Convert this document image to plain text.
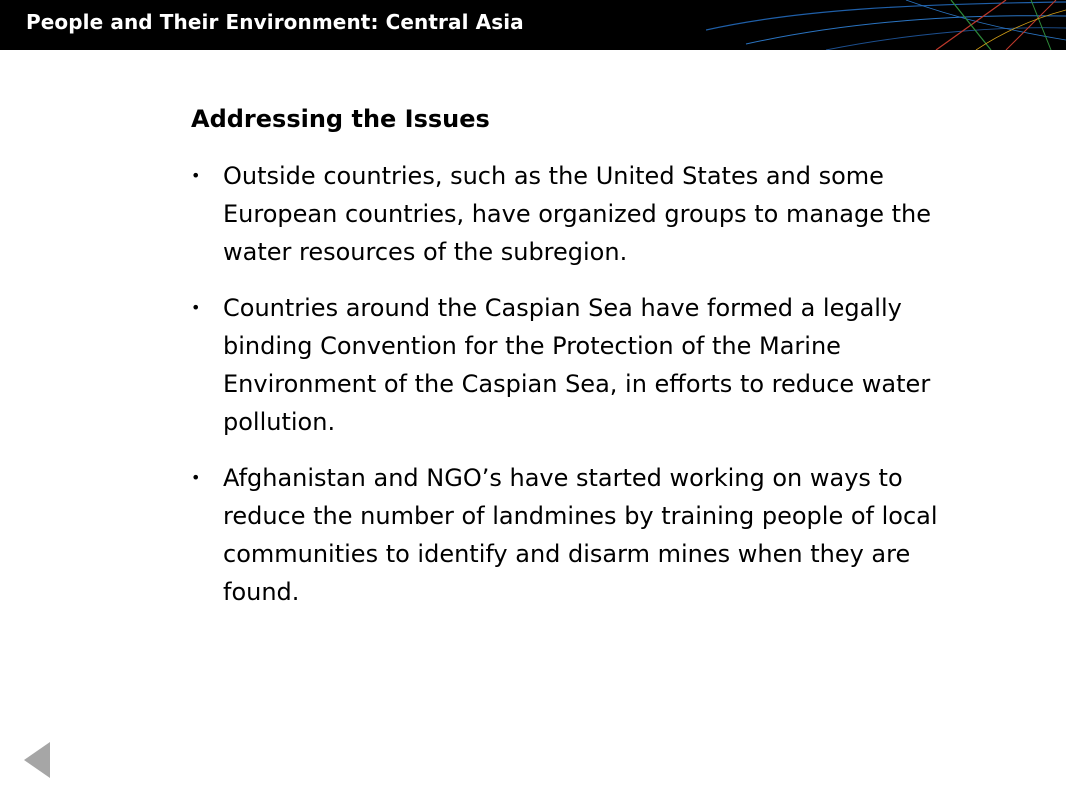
People and Their Environment: Central Asia
Addressing the Issues
• Outside countries, such as the United States and some European countries, have organized groups to manage the water resources of the subregion.
• Countries around the Caspian Sea have formed a legally binding Convention for the Protection of the Marine Environment of the Caspian Sea, in efforts to reduce water pollution.
• Afghanistan and NGO’s have started working on ways to reduce the number of landmines by training people of local communities to identify and disarm mines when they are found.
